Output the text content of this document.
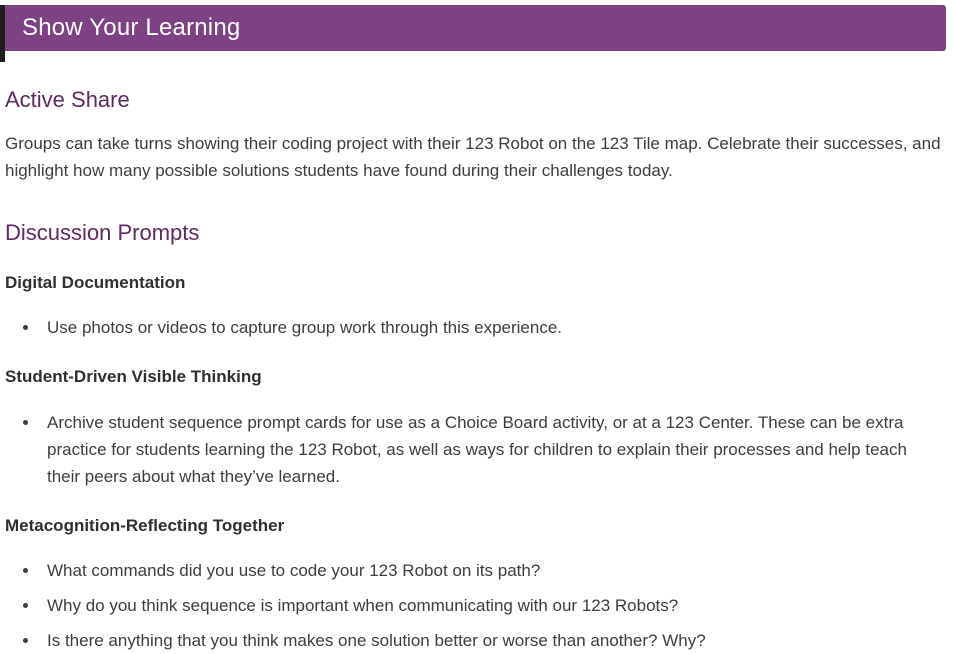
Show Your Learning
Active Share

Groups can take turns showing their coding project with their 123 Robot on the 123 Tile map. Celebrate their successes, and highlight how many possible solutions students have found during their challenges today.

Discussion Prompts
Digital Documentation
• Use photos or videos to capture group work through this experience.
Student-Driven Visible Thinking
• Archive student sequence prompt cards for use as a Choice Board activity, or at a 123 Center. These can be extra practice for students learning the 123 Robot, as well as ways for children to explain their processes and help teach their peers about what they’ve learned.
Metacognition-Reflecting Together
• What commands did you use to code your 123 Robot on its path?
• Why do you think sequence is important when communicating with our 123 Robots?
• Is there anything that you think makes one solution better or worse than another? Why?
